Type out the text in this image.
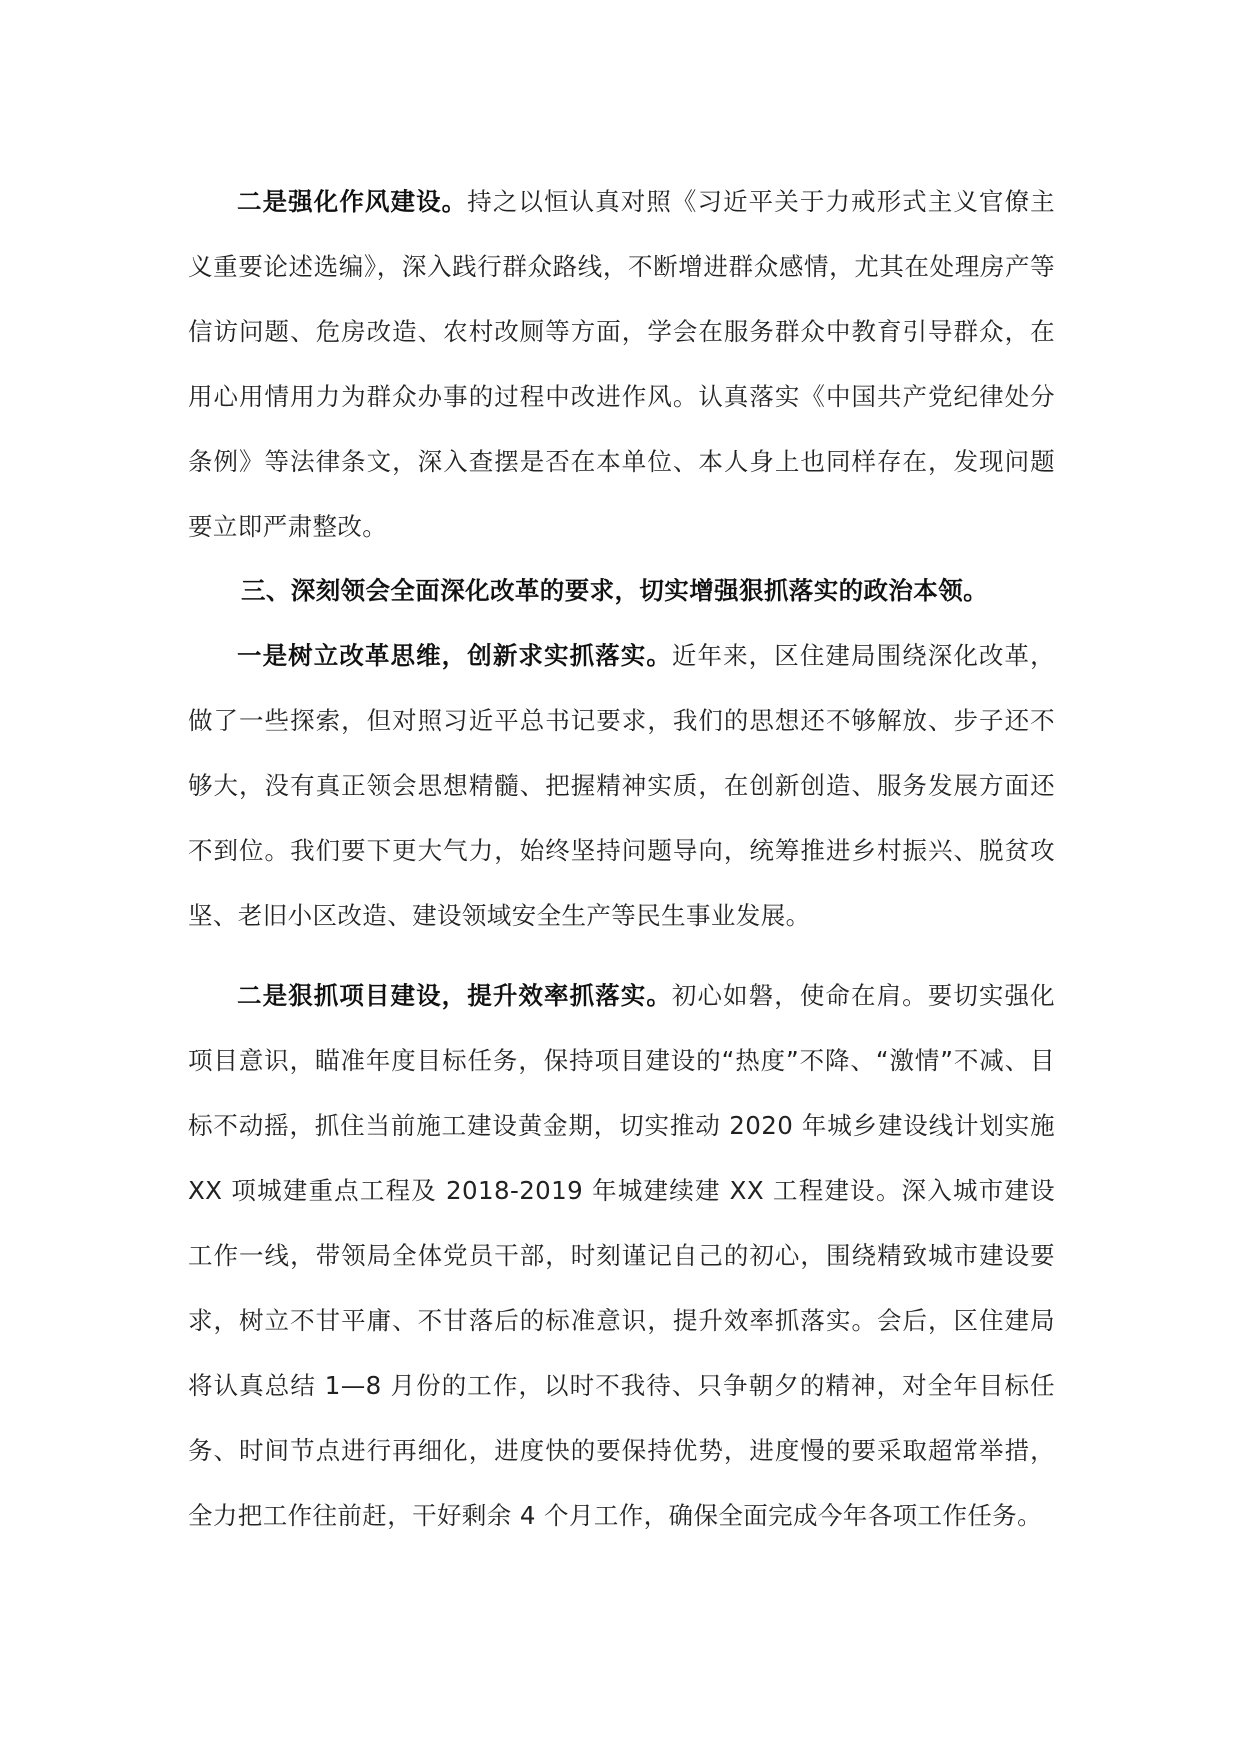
二是强化作风建设。持之以恒认真对照《习近平关于力戒形式主义官僚主义重要论述选编》，深入践行群众路线，不断增进群众感情，尤其在处理房产等信访问题、危房改造、农村改厕等方面，学会在服务群众中教育引导群众，在用心用情用力为群众办事的过程中改进作风。认真落实《中国共产党纪律处分条例》等法律条文，深入查摆是否在本单位、本人身上也同样存在，发现问题要立即严肃整改。

三、深刻领会全面深化改革的要求，切实增强狠抓落实的政治本领。

一是树立改革思维，创新求实抓落实。近年来，区住建局围绕深化改革，做了一些探索，但对照习近平总书记要求，我们的思想还不够解放、步子还不够大，没有真正领会思想精髓、把握精神实质，在创新创造、服务发展方面还不到位。我们要下更大气力，始终坚持问题导向，统筹推进乡村振兴、脱贫攻坚、老旧小区改造、建设领域安全生产等民生事业发展。

二是狠抓项目建设，提升效率抓落实。初心如磐，使命在肩。要切实强化项目意识，瞄准年度目标任务，保持项目建设的“热度”不降、“激情”不减、目标不动摇，抓住当前施工建设黄金期，切实推动 2020 年城乡建设线计划实施 XX 项城建重点工程及 2018-2019 年城建续建 XX 工程建设。深入城市建设工作一线，带领局全体党员干部，时刻谨记自己的初心，围绕精致城市建设要求，树立不甘平庸、不甘落后的标准意识，提升效率抓落实。会后，区住建局将认真总结 1—8 月份的工作，以时不我待、只争朝夕的精神，对全年目标任务、时间节点进行再细化，进度快的要保持优势，进度慢的要采取超常举措，全力把工作往前赶，干好剩余 4 个月工作，确保全面完成今年各项工作任务。
